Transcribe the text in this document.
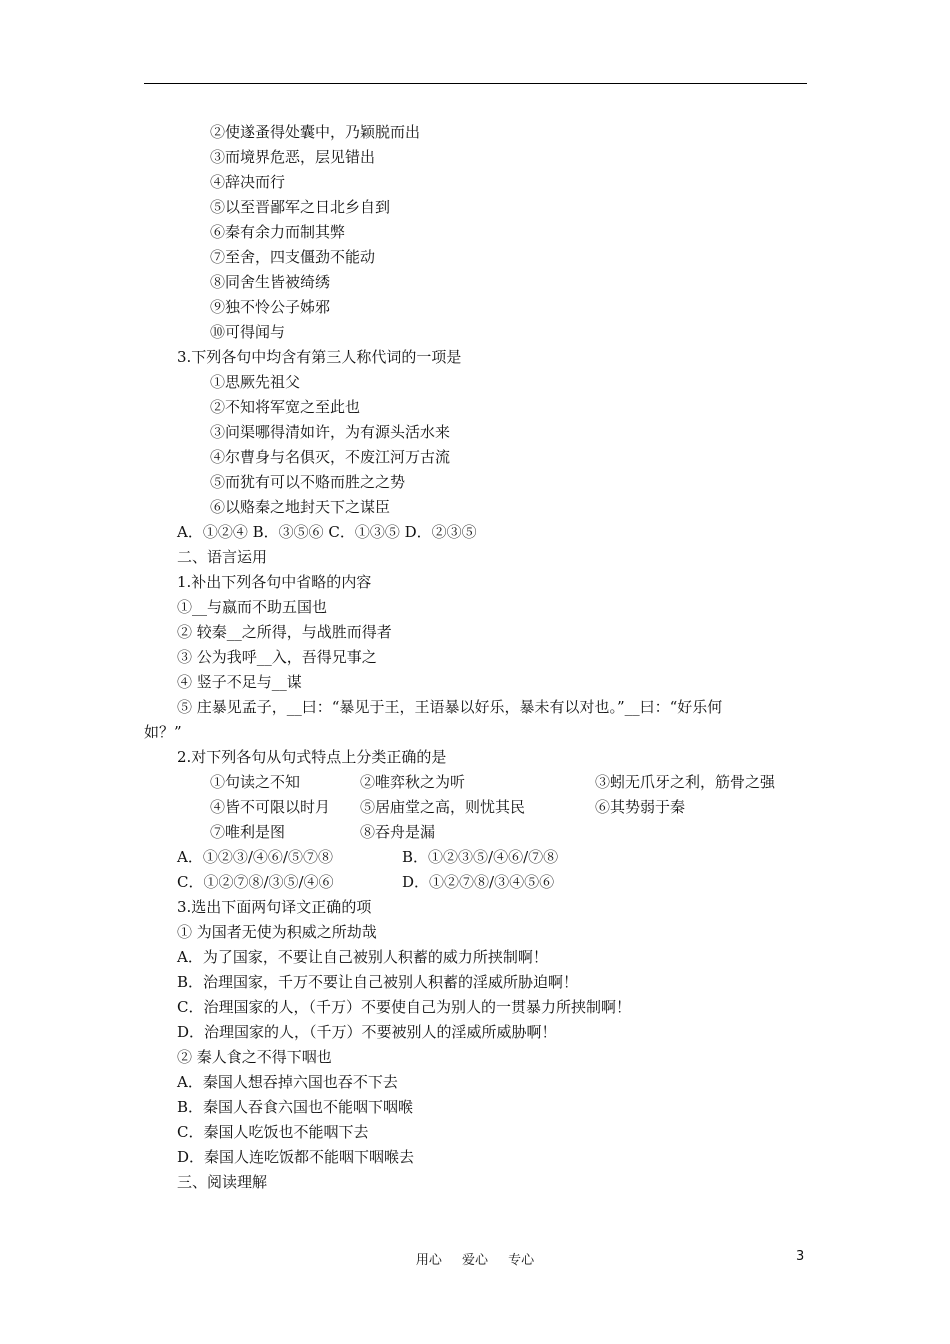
②使遂蚤得处囊中，乃颖脱而出
③而境界危恶，层见错出
④辞决而行
⑤以至晋鄙军之日北乡自到
⑥秦有余力而制其弊
⑦至舍，四支僵劲不能动
⑧同舍生皆被绮绣
⑨独不怜公子姊邪
⑩可得闻与
3.下列各句中均含有第三人称代词的一项是
①思厥先祖父
②不知将军宽之至此也
③问渠哪得清如许，为有源头活水来
④尔曹身与名俱灭，不废江河万古流
⑤而犹有可以不赂而胜之之势
⑥以赂秦之地封天下之谋臣
A．①②④ B．③⑤⑥ C．①③⑤ D．②③⑤
二、语言运用
1.补出下列各句中省略的内容
①__与嬴而不助五国也
② 较秦__之所得，与战胜而得者
③ 公为我呼__入，吾得兄事之
④ 竖子不足与__谋
⑤ 庄暴见孟子，__曰：“暴见于王，王语暴以好乐，暴未有以对也。”__曰：“好乐何
如？”
2.对下列各句从句式特点上分类正确的是
①句读之不知	②唯弈秋之为听	③蚓无爪牙之利，筋骨之强
④皆不可限以时月 ⑤居庙堂之高，则忧其民	⑥其势弱于秦
⑦唯利是图	⑧吞舟是漏
A．①②③/④⑥/⑤⑦⑧	B．①②③⑤/④⑥/⑦⑧
C．①②⑦⑧/③⑤/④⑥	D．①②⑦⑧/③④⑤⑥
3.选出下面两句译文正确的项
① 为国者无使为积威之所劫哉
A．为了国家，不要让自己被别人积蓄的威力所挟制啊！
B．治理国家，千万不要让自己被别人积蓄的淫威所胁迫啊！
C．治理国家的人，（千万）不要使自己为别人的一贯暴力所挟制啊！
D．治理国家的人，（千万）不要被别人的淫威所威胁啊！
② 秦人食之不得下咽也
A．秦国人想吞掉六国也吞不下去
B．秦国人吞食六国也不能咽下咽喉
C．秦国人吃饭也不能咽下去
D．秦国人连吃饭都不能咽下咽喉去
三、阅读理解
用心 爱心 专心	3
